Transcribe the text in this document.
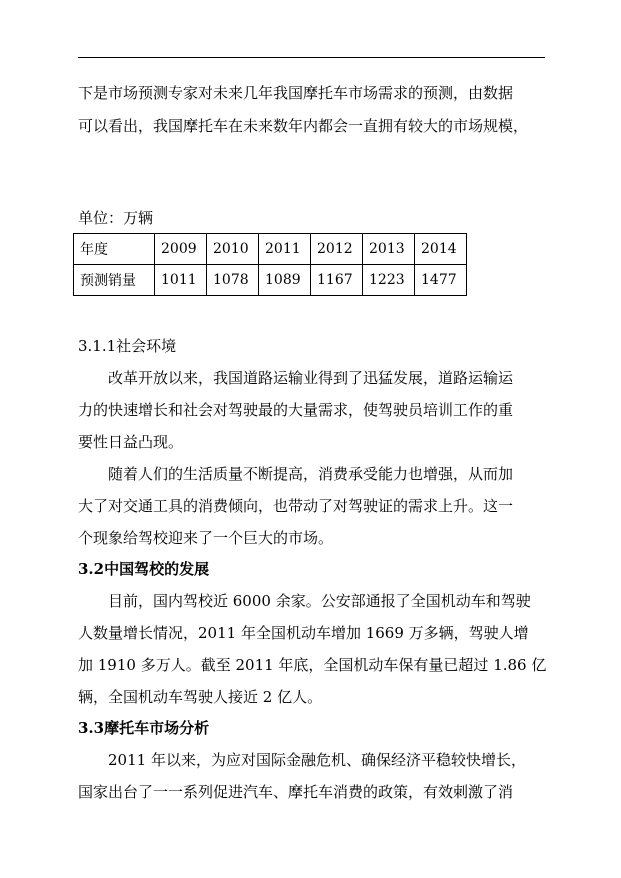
下是市场预测专家对未来几年我国摩托车市场需求的预测，由数据
可以看出，我国摩托车在未来数年内都会一直拥有较大的市场规模，
单位：万辆
年度	2009	2010	2011	2012	2013	2014
预测销量	1011	1078	1089	1167	1223	1477
3.1.1社会环境
改革开放以来，我国道路运输业得到了迅猛发展，道路运输运
力的快速增长和社会对驾驶最的大量需求，使驾驶员培训工作的重
要性日益凸现。
随着人们的生活质量不断提高，消费承受能力也增强，从而加
大了对交通工具的消费倾向，也带动了对驾驶证的需求上升。这一
个现象给驾校迎来了一个巨大的市场。
3.2中国驾校的发展
目前，国内驾校近 6000 余家。公安部通报了全国机动车和驾驶
人数量增长情况，2011 年全国机动车增加 1669 万多辆，驾驶人增
加 1910 多万人。截至 2011 年底，全国机动车保有量已超过 1.86 亿
辆，全国机动车驾驶人接近 2 亿人。
3.3摩托车市场分析
2011 年以来，为应对国际金融危机、确保经济平稳较快增长，
国家出台了一一系列促进汽车、摩托车消费的政策，有效刺激了消
